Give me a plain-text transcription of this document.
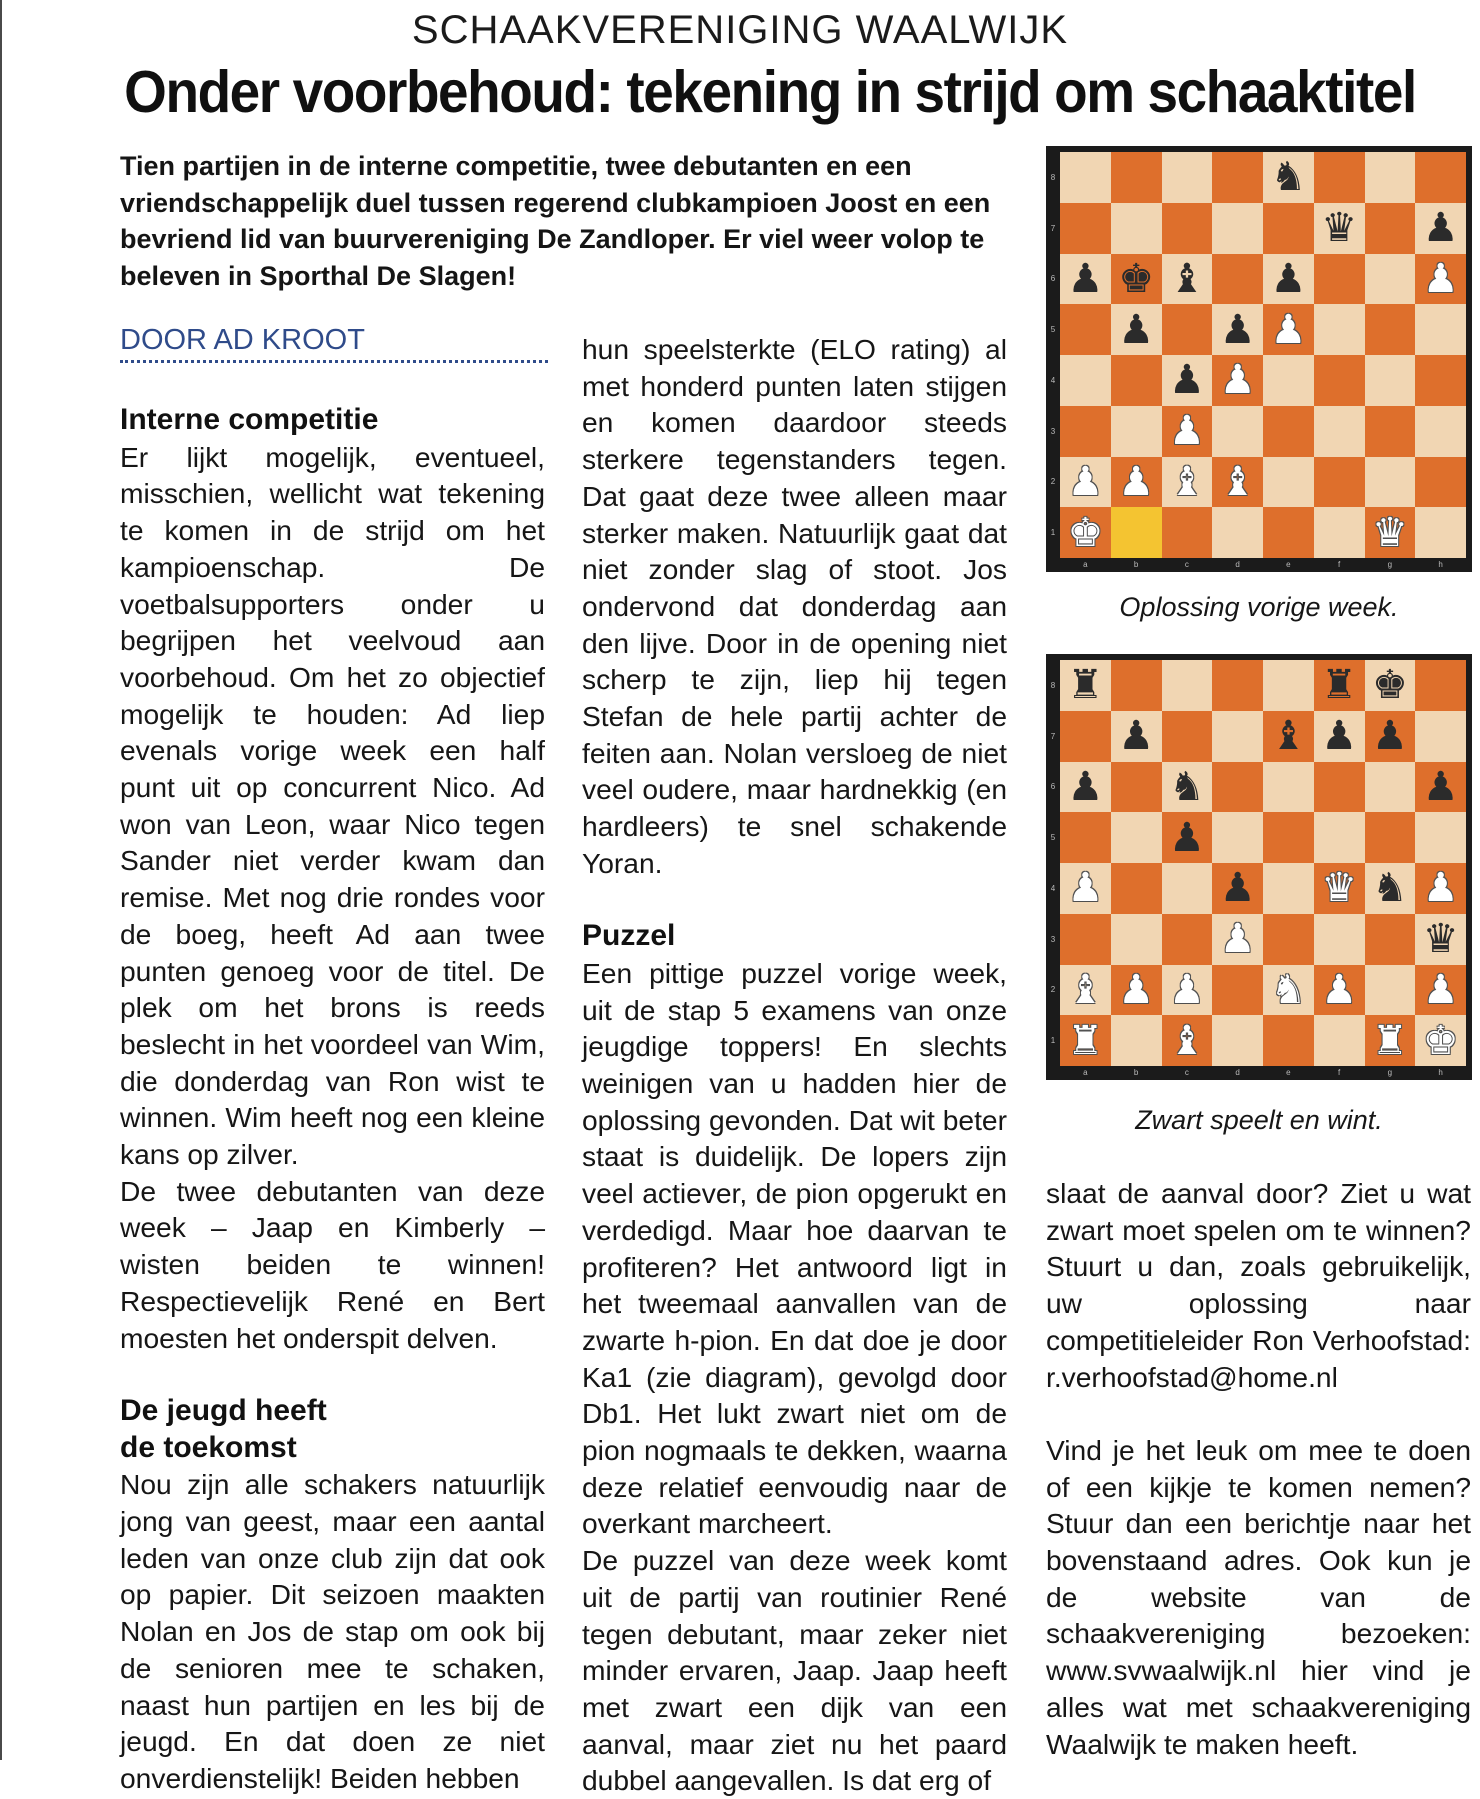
SCHAAKVERENIGING WAALWIJK
Onder voorbehoud: tekening in strijd om schaaktitel
Tien partijen in de interne competitie, twee debutanten en een vriendschappelijk duel tussen regerend clubkampioen Joost en een bevriend lid van buurvereniging De Zandloper. Er viel weer volop te beleven in Sporthal De Slagen!
DOOR AD KROOT
Interne competitie

Er lijkt mogelijk, eventueel, misschien, wellicht wat tekening te komen in de strijd om het kampioenschap. De voetbalsupporters onder u begrijpen het veelvoud aan voorbehoud. Om het zo objectief mogelijk te houden: Ad liep evenals vorige week een half punt uit op concurrent Nico. Ad won van Leon, waar Nico tegen Sander niet verder kwam dan remise. Met nog drie rondes voor de boeg, heeft Ad aan twee punten genoeg voor de titel. De plek om het brons is reeds beslecht in het voordeel van Wim, die donderdag van Ron wist te winnen. Wim heeft nog een kleine kans op zilver.

De twee debutanten van deze week – Jaap en Kimberly – wisten beiden te winnen! Respectievelijk René en Bert moesten het onderspit delven.

De jeugd heeft
de toekomst

Nou zijn alle schakers natuurlijk jong van geest, maar een aantal leden van onze club zijn dat ook op papier. Dit seizoen maakten Nolan en Jos de stap om ook bij de senioren mee te schaken, naast hun partijen en les bij de jeugd. En dat doen ze niet onverdienstelijk! Beiden hebben

hun speelsterkte (ELO rating) al met honderd punten laten stijgen en komen daardoor steeds sterkere tegenstanders tegen. Dat gaat deze twee alleen maar sterker maken. Natuurlijk gaat dat niet zonder slag of stoot. Jos ondervond dat donderdag aan den lijve. Door in de opening niet scherp te zijn, liep hij tegen Stefan de hele partij achter de feiten aan. Nolan versloeg de niet veel oudere, maar hardnekkig (en hardleers) te snel schakende Yoran.

Puzzel

Een pittige puzzel vorige week, uit de stap 5 examens van onze jeugdige toppers! En slechts weinigen van u hadden hier de oplossing gevonden. Dat wit beter staat is duidelijk. De lopers zijn veel actiever, de pion opgerukt en verdedigd. Maar hoe daarvan te profiteren? Het antwoord ligt in het tweemaal aanvallen van de zwarte h-pion. En dat doe je door Ka1 (zie diagram), gevolgd door Db1. Het lukt zwart niet om de pion nogmaals te dekken, waarna deze relatief eenvoudig naar de overkant marcheert.

De puzzel van deze week komt uit de partij van routinier René tegen debutant, maar zeker niet minder ervaren, Jaap. Jaap heeft met zwart een dijk van een aanval, maar ziet nu het paard dubbel aangevallen. Is dat erg of

8
7
6
5
4
3
2
1
♞
♛ ♟
♟ ♚ ♝ ♟	♟
♟ ♟ ♟
♟ ♟
♟
♟ ♟ ♝ ♝
♚	♛
a	b	c	d	e	f	g	h
Oplossing vorige week.
8
7
6
5
4
3
2
1
♜	♜ ♚
♟	♝ ♟ ♟
♟ ♞	♟
♟
♟	♟ ♛ ♞ ♟
♟	♛
♝ ♟ ♟ ♞ ♟ ♟
♜ ♝	♜ ♚
a	b	c	d	e	f	g	h
Zwart speelt en wint.

slaat de aanval door? Ziet u wat zwart moet spelen om te winnen? Stuurt u dan, zoals gebruikelijk, uw oplossing naar competitieleider Ron Verhoofstad: r.verhoofstad@home.nl

Vind je het leuk om mee te doen of een kijkje te komen nemen? Stuur dan een berichtje naar het bovenstaand adres. Ook kun je de website van de schaakvereniging bezoeken: www.svwaalwijk.nl hier vind je alles wat met schaakvereniging Waalwijk te maken heeft.
